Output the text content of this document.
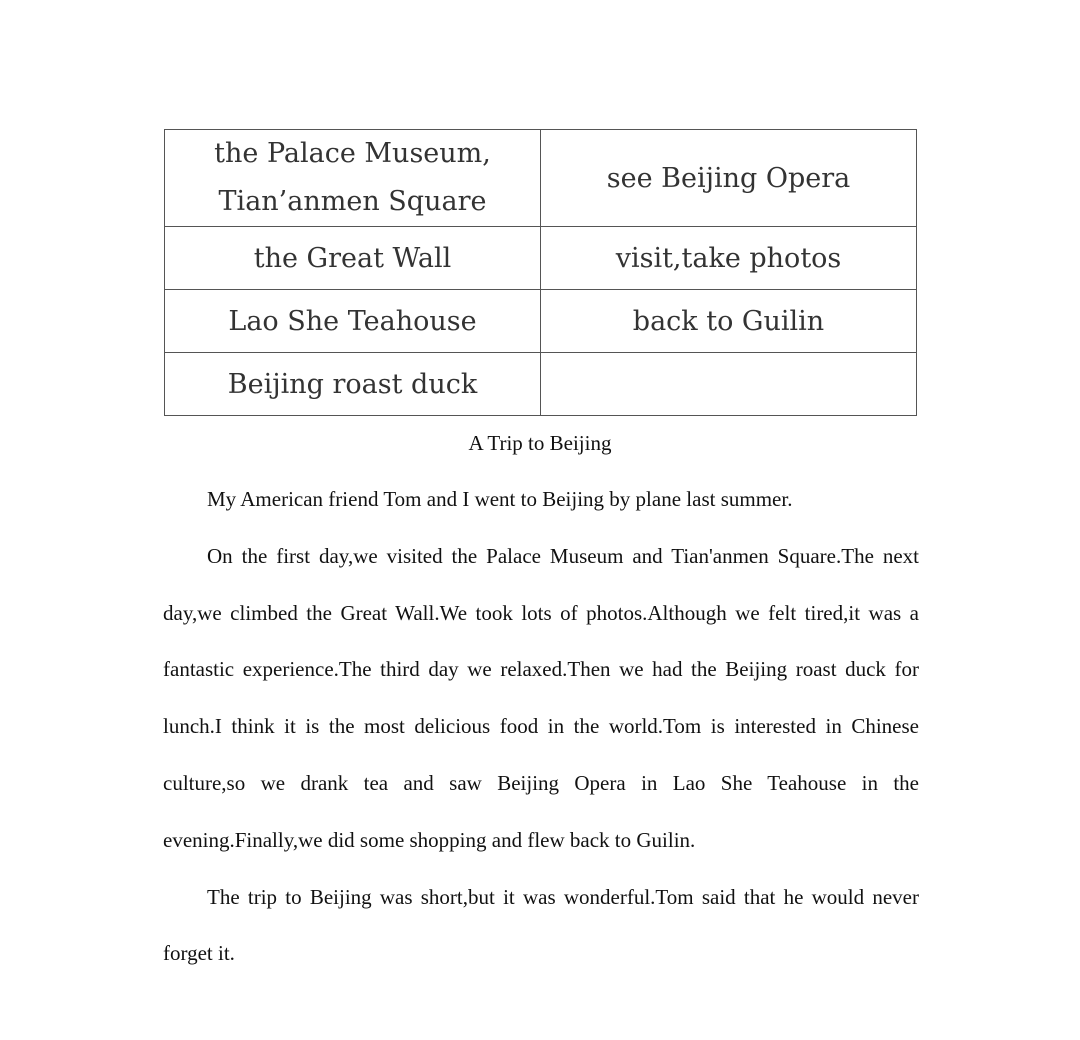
the Palace Museum,
Tian’anmen Square	see Beijing Opera
the Great Wall	visit,take photos
Lao She Teahouse	back to Guilin
Beijing roast duck	
A Trip to Beijing

My American friend Tom and I went to Beijing by plane last summer.

On the first day,we visited the Palace Museum and Tian'anmen Square.The next day,we climbed the Great Wall.We took lots of photos.Although we felt tired,it was a fantastic experience.The third day we relaxed.Then we had the Beijing roast duck for lunch.I think it is the most delicious food in the world.Tom is interested in Chinese culture,so we drank tea and saw Beijing Opera in Lao She Teahouse in the evening.Finally,we did some shopping and flew back to Guilin.

The trip to Beijing was short,but it was wonderful.Tom said that he would never forget it.
